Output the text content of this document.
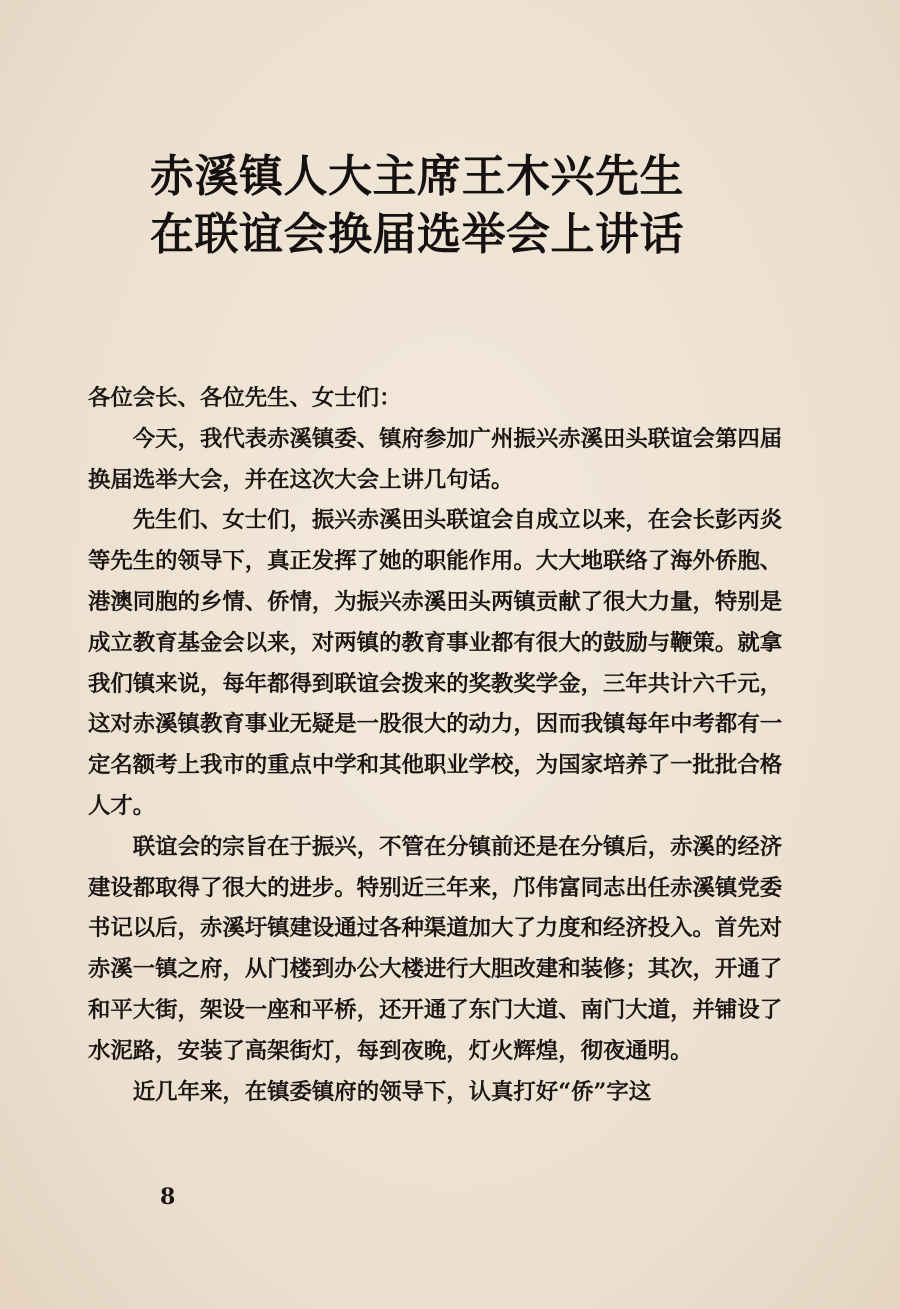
赤溪镇人大主席王木兴先生
在联谊会换届选举会上讲话

各位会长、各位先生、女士们：

今天，我代表赤溪镇委、镇府参加广州振兴赤溪田头联谊会第四届换届选举大会，并在这次大会上讲几句话。

先生们、女士们，振兴赤溪田头联谊会自成立以来，在会长彭丙炎等先生的领导下，真正发挥了她的职能作用。大大地联络了海外侨胞、港澳同胞的乡情、侨情，为振兴赤溪田头两镇贡献了很大力量，特别是成立教育基金会以来，对两镇的教育事业都有很大的鼓励与鞭策。就拿我们镇来说，每年都得到联谊会拨来的奖教奖学金，三年共计六千元，这对赤溪镇教育事业无疑是一股很大的动力，因而我镇每年中考都有一定名额考上我市的重点中学和其他职业学校，为国家培养了一批批合格人才。

联谊会的宗旨在于振兴，不管在分镇前还是在分镇后，赤溪的经济建设都取得了很大的进步。特别近三年来，邝伟富同志出任赤溪镇党委书记以后，赤溪圩镇建设通过各种渠道加大了力度和经济投入。首先对赤溪一镇之府，从门楼到办公大楼进行大胆改建和装修；其次，开通了和平大街，架设一座和平桥，还开通了东门大道、南门大道，并铺设了水泥路，安装了高架街灯，每到夜晚，灯火辉煌，彻夜通明。

近几年来，在镇委镇府的领导下，认真打好“侨”字这

8
